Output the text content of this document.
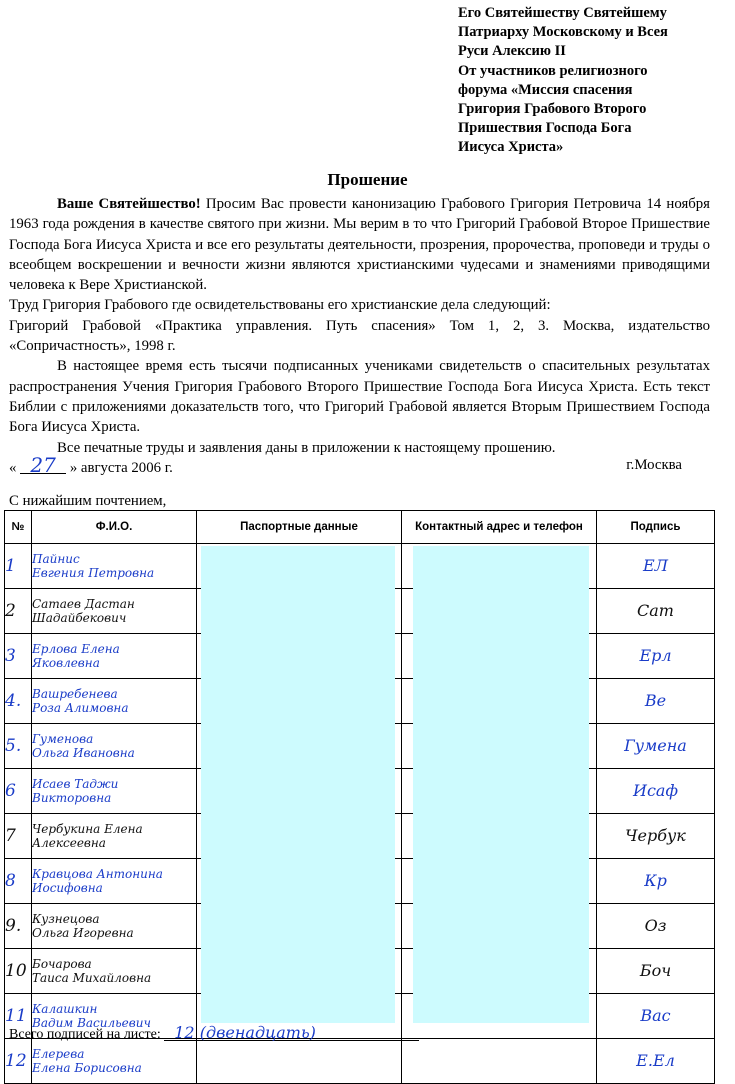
Его Святейшеству Святейшему
Патриарху Московскому и Всея
Руси Алексию II
От участников религиозного
форума «Миссия спасения
Григория Грабового Второго
Пришествия Господа Бога
Иисуса Христа»
Прошение

Ваше Святейшество! Просим Вас провести канонизацию Грабового Григория Петровича 14 ноября 1963 года рождения в качестве святого при жизни. Мы верим в то что Григорий Грабовой Второе Пришествие Господа Бога Иисуса Христа и все его результаты деятельности, прозрения, пророчества, проповеди и труды о всеобщем воскрешении и вечности жизни являются христианскими чудесами и знамениями приводящими человека к Вере Христианской.

Труд Григория Грабового где освидетельствованы его христианские дела следующий:

Григорий Грабовой «Практика управления. Путь спасения» Том 1, 2, 3. Москва, издательство «Сопричастность», 1998 г.

В настоящее время есть тысячи подписанных учениками свидетельств о спасительных результатах распространения Учения Григория Грабового Второго Пришествие Господа Бога Иисуса Христа. Есть текст Библии с приложениями доказательств того, что Григорий Грабовой является Вторым Пришествием Господа Бога Иисуса Христа.

Все печатные труды и заявления даны в приложении к настоящему прошению.

« 27 » августа 2006 г.	г.Москва
С нижайшим почтением,
№	Ф.И.О.	Паспортные данные	Контактный адрес и телефон	Подпись
1	Пайнис
Евгения Петровна			ЕЛ
2	Сатаев Дастан
Шадайбекович			Сат
3	Ерлова Елена
Яковлевна			Ерл
4.	Вашребенева
Роза Алимовна			Ве
5.	Гуменова
Ольга Ивановна			Гумена
6	Исаев Таджи
Викторовна			Исаф
7	Чербукина Елена
Алексеевна			Чербук
8	Кравцова Антонина
Иосифовна			Кр
9.	Кузнецова
Ольга Игоревна			Оз
10	Бочарова
Таиса Михайловна			Боч
11	Калашкин
Вадим Васильевич			Вас
12	Елерева
Елена Борисовна			Е.Ел
Всего подписей на листе: 12 (двенадцать)
